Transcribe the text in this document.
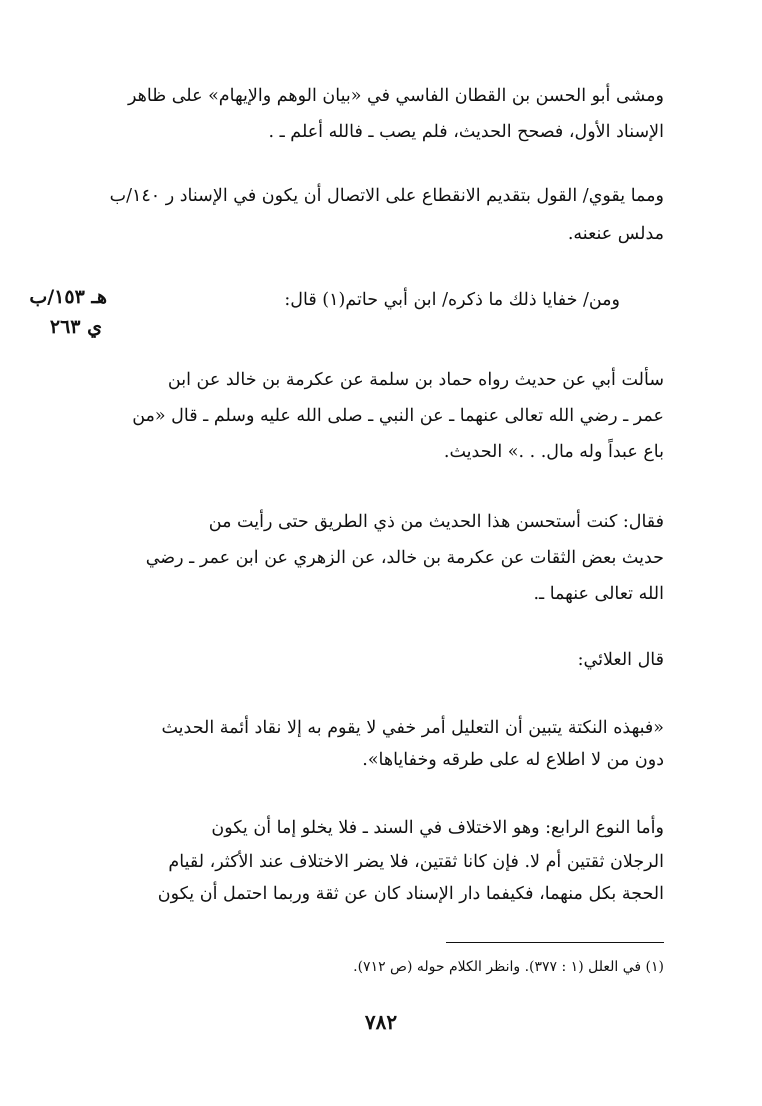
ومشى أبو الحسن بن القطان الفاسي في «بيان الوهم والإيهام» على ظاهر
الإسناد الأول، فصحح الحديث، فلم يصب ـ فالله أعلم ـ .
ومما يقوي/ القول بتقديم الانقطاع على الاتصال أن يكون في الإسناد ر ١٤٠/ب
مدلس عنعنه.
ومن/ خفايا ذلك ما ذكره/ ابن أبي حاتم(١) قال:
هـ ١٥٣/ب
ي ٢٦٣
سألت أبي عن حديث رواه حماد بن سلمة عن عكرمة بن خالد عن ابن
عمر ـ رضي الله تعالى عنهما ـ عن النبي ـ صلى الله عليه وسلم ـ قال «من
باع عبداً وله مال. . .» الحديث.
فقال: كنت أستحسن هذا الحديث من ذي الطريق حتى رأيت من
حديث بعض الثقات عن عكرمة بن خالد، عن الزهري عن ابن عمر ـ رضي
الله تعالى عنهما ـ.
قال العلائي:
«فبهذه النكتة يتبين أن التعليل أمر خفي لا يقوم به إلا نقاد أئمة الحديث
دون من لا اطلاع له على طرقه وخفاياها».
وأما النوع الرابع: وهو الاختلاف في السند ـ فلا يخلو إما أن يكون
الرجلان ثقتين أم لا. فإن كانا ثقتين، فلا يضر الاختلاف عند الأكثر، لقيام
الحجة بكل منهما، فكيفما دار الإسناد كان عن ثقة وربما احتمل أن يكون
(١) في العلل (١ : ٣٧٧). وانظر الكلام حوله (ص ٧١٢).
٧٨٢
